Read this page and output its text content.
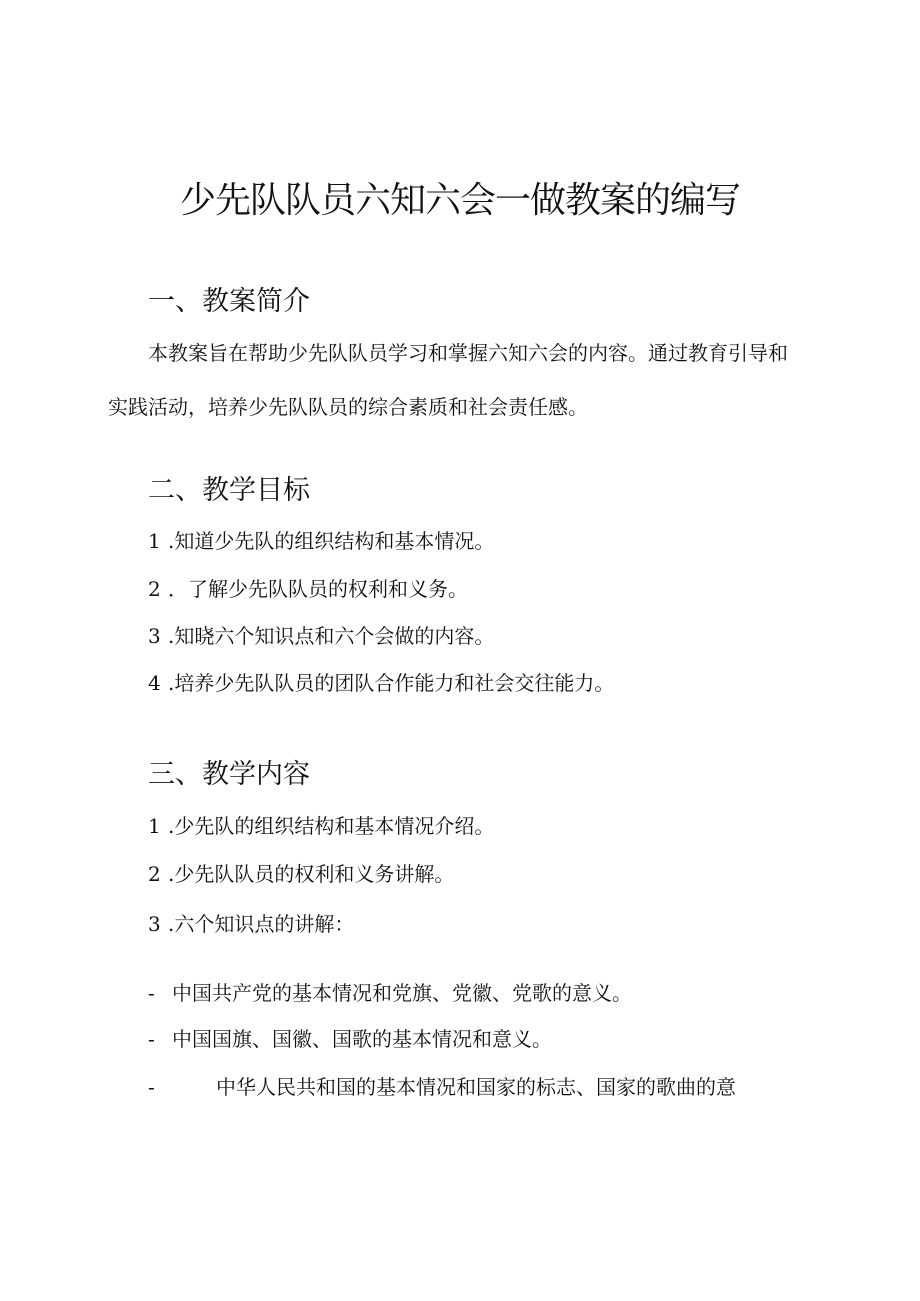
少先队队员六知六会一做教案的编写
一、教案简介

本教案旨在帮助少先队队员学习和掌握六知六会的内容。通过教育引导和实践活动，培养少先队队员的综合素质和社会责任感。

二、教学目标
1 .知道少先队的组织结构和基本情况。
2 ．了解少先队队员的权利和义务。
3 .知晓六个知识点和六个会做的内容。
4 .培养少先队队员的团队合作能力和社会交往能力。
三、教学内容
1 .少先队的组织结构和基本情况介绍。
2 .少先队队员的权利和义务讲解。
3 .六个知识点的讲解：
- 中国共产党的基本情况和党旗、党徽、党歌的意义。
- 中国国旗、国徽、国歌的基本情况和意义。
-	中华人民共和国的基本情况和国家的标志、国家的歌曲的意
